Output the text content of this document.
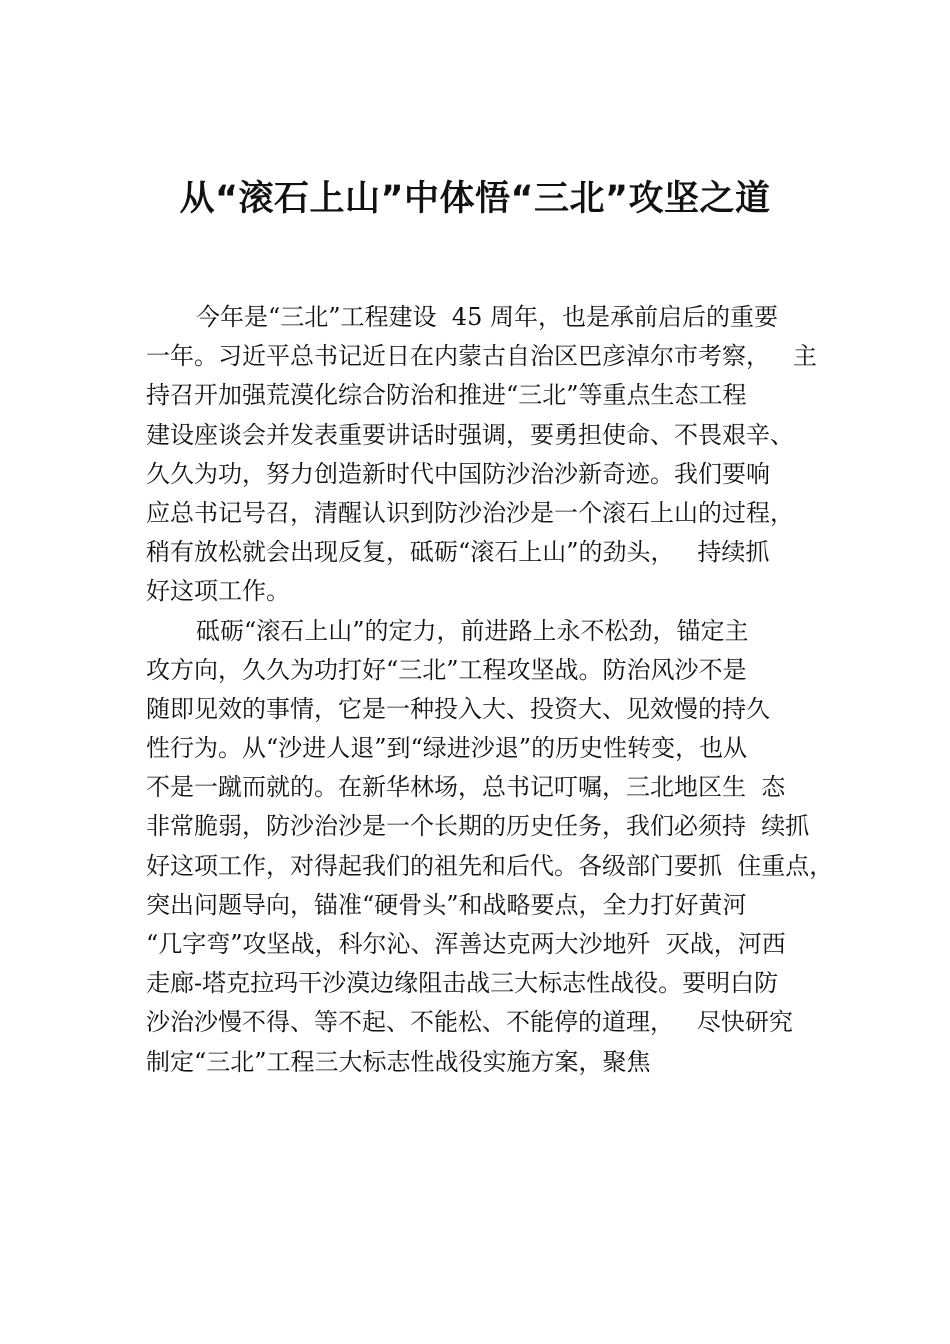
从“滚石上山”中体悟“三北”攻坚之道
今年是“三北”工程建设  45 周年，也是承前启后的重要
一年。习近平总书记近日在内蒙古自治区巴彦淖尔市考察，   主
持召开加强荒漠化综合防治和推进“三北”等重点生态工程
建设座谈会并发表重要讲话时强调，要勇担使命、不畏艰辛、
久久为功，努力创造新时代中国防沙治沙新奇迹。我们要响
应总书记号召，清醒认识到防沙治沙是一个滚石上山的过程，
稍有放松就会出现反复，砥砺“滚石上山”的劲头，   持续抓
好这项工作。
砥砺“滚石上山”的定力，前进路上永不松劲，锚定主
攻方向，久久为功打好“三北”工程攻坚战。防治风沙不是
随即见效的事情，它是一种投入大、投资大、见效慢的持久
性行为。从“沙进人退”到“绿进沙退”的历史性转变，也从
不是一蹴而就的。在新华林场，总书记叮嘱，三北地区生  态
非常脆弱，防沙治沙是一个长期的历史任务，我们必须持  续抓
好这项工作，对得起我们的祖先和后代。各级部门要抓  住重点，
突出问题导向，锚准“硬骨头”和战略要点，全力打好黄河
“几字弯”攻坚战，科尔沁、浑善达克两大沙地歼  灭战，河西
走廊-塔克拉玛干沙漠边缘阻击战三大标志性战役。要明白防
沙治沙慢不得、等不起、不能松、不能停的道理，   尽快研究
制定“三北”工程三大标志性战役实施方案，聚焦
